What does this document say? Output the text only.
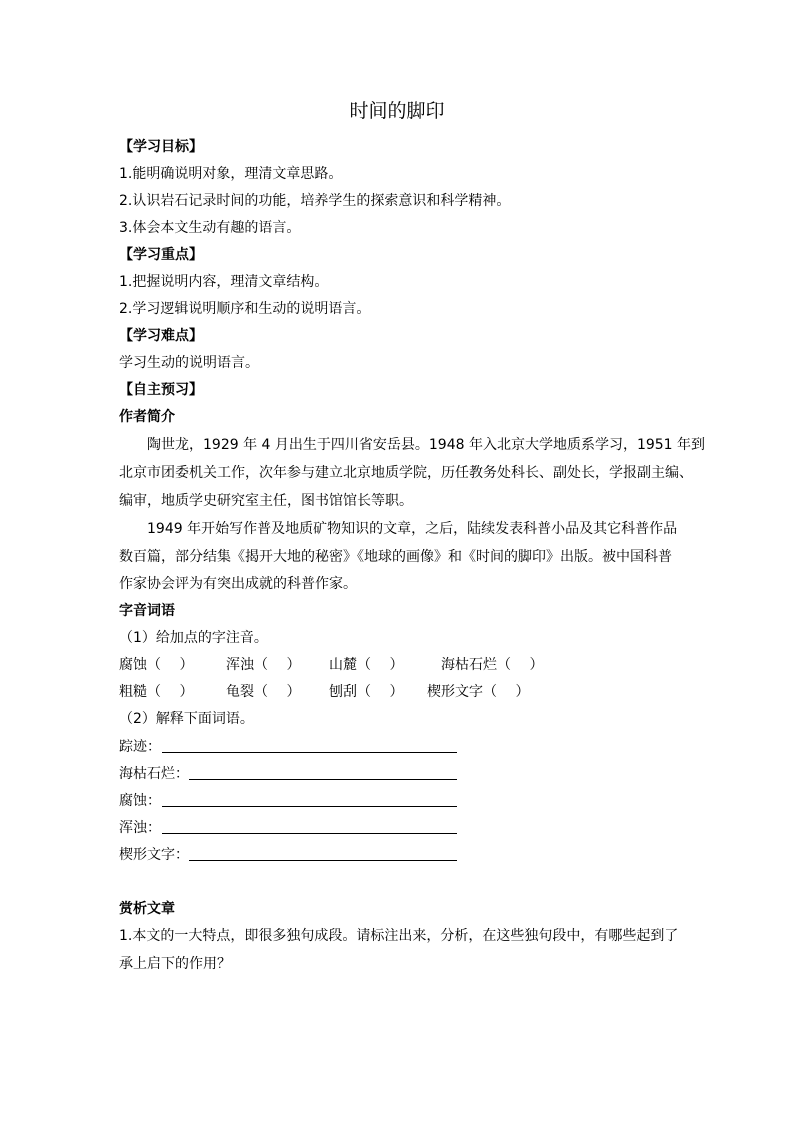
时间的脚印
【学习目标】
1.能明确说明对象，理清文章思路。
2.认识岩石记录时间的功能，培养学生的探索意识和科学精神。
3.体会本文生动有趣的语言。
【学习重点】
1.把握说明内容，理清文章结构。
2.学习逻辑说明顺序和生动的说明语言。
【学习难点】
学习生动的说明语言。
【自主预习】
作者简介
陶世龙，1929 年 4 月出生于四川省安岳县。1948 年入北京大学地质系学习，1951 年到
北京市团委机关工作，次年参与建立北京地质学院，历任教务处科长、副处长，学报副主编、
编审，地质学史研究室主任，图书馆馆长等职。
1949 年开始写作普及地质矿物知识的文章，之后，陆续发表科普小品及其它科普作品
数百篇，部分结集《揭开大地的秘密》《地球的画像》和《时间的脚印》出版。被中国科普
作家协会评为有突出成就的科普作家。
字音词语
（1）给加点的字注音。
腐蚀（　 ） 浑浊（　 ） 山麓（　 ）	海枯石烂（　 ）
粗糙（　 ） 龟裂（　 ） 刨刮（　 ） 楔形文字（　 ）
（2）解释下面词语。
踪迹：
海枯石烂：
腐蚀：
浑浊：
楔形文字：
赏析文章
1.本文的一大特点，即很多独句成段。请标注出来，分析，在这些独句段中，有哪些起到了
承上启下的作用？
